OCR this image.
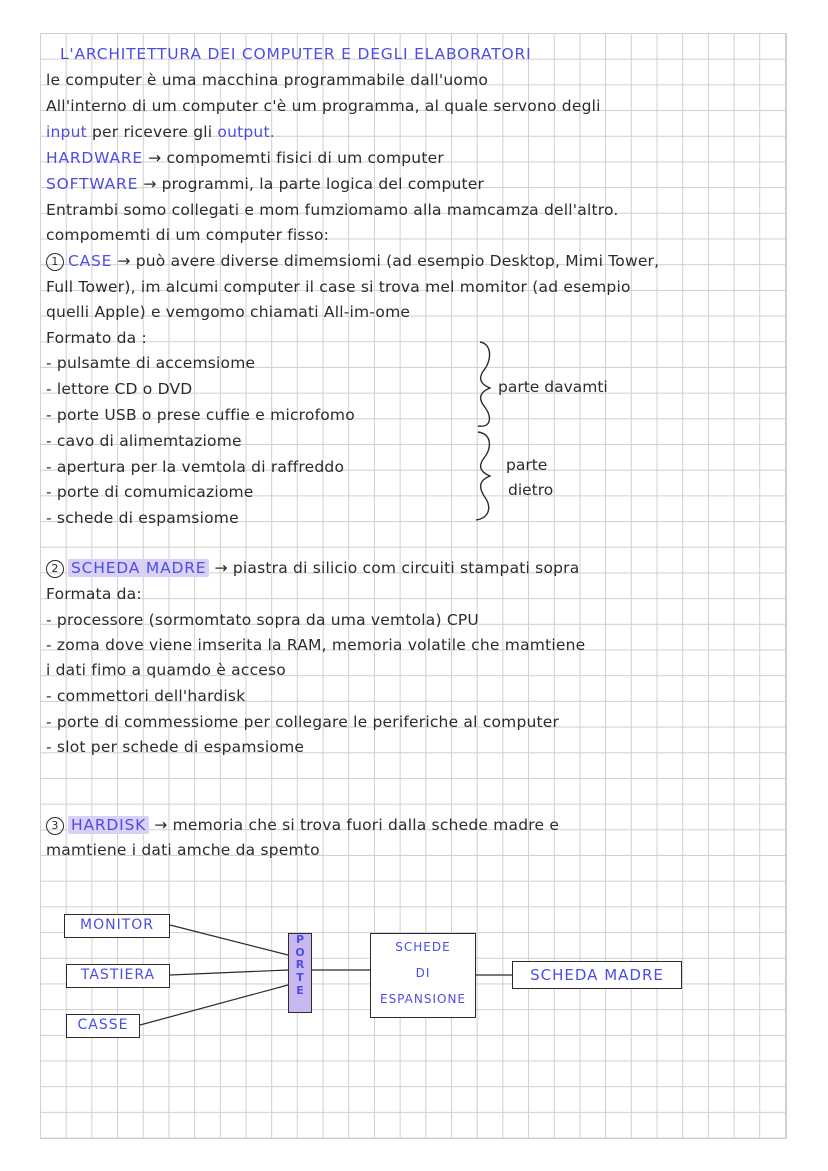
L'ARCHITETTURA DEI COMPUTER E DEGLI ELABORATORI
le computer è uma macchina programmabile dall'uomo
All'interno di um computer c'è um programma, al quale servono degli
input per ricevere gli output.
HARDWARE → compomemti fisici di um computer
SOFTWARE → programmi, la parte logica del computer
Entrambi somo collegati e mom fumziomamo alla mamcamza dell'altro.
compomemti di um computer fisso:
1 CASE → può avere diverse dimemsiomi (ad esempio Desktop, Mimi Tower,
Full Tower), im alcumi computer il case si trova mel momitor (ad esempio
quelli Apple) e vemgomo chiamati All-im-ome
Formato da :
- pulsamte di accemsiome
- lettore CD o DVD
- porte USB o prese cuffie e microfomo
- cavo di alimemtaziome
- apertura per la vemtola di raffreddo
- porte di comumicaziome
- schede di espamsiome
parte davamti
parte
dietro
2 SCHEDA MADRE → piastra di silicio com circuiti stampati sopra
Formata da:
- processore (sormomtato sopra da uma vemtola) CPU
- zoma dove viene imserita la RAM, memoria volatile che mamtiene
i dati fimo a quamdo è acceso
- commettori dell'hardisk
- porte di commessiome per collegare le periferiche al computer
- slot per schede di espamsiome
3 HARDISK → memoria che si trova fuori dalla schede madre e
mamtiene i dati amche da spemto
MONITOR
TASTIERA
CASSE
P
O
R
T
E
SCHEDE
DI
ESPANSIONE
SCHEDA MADRE
